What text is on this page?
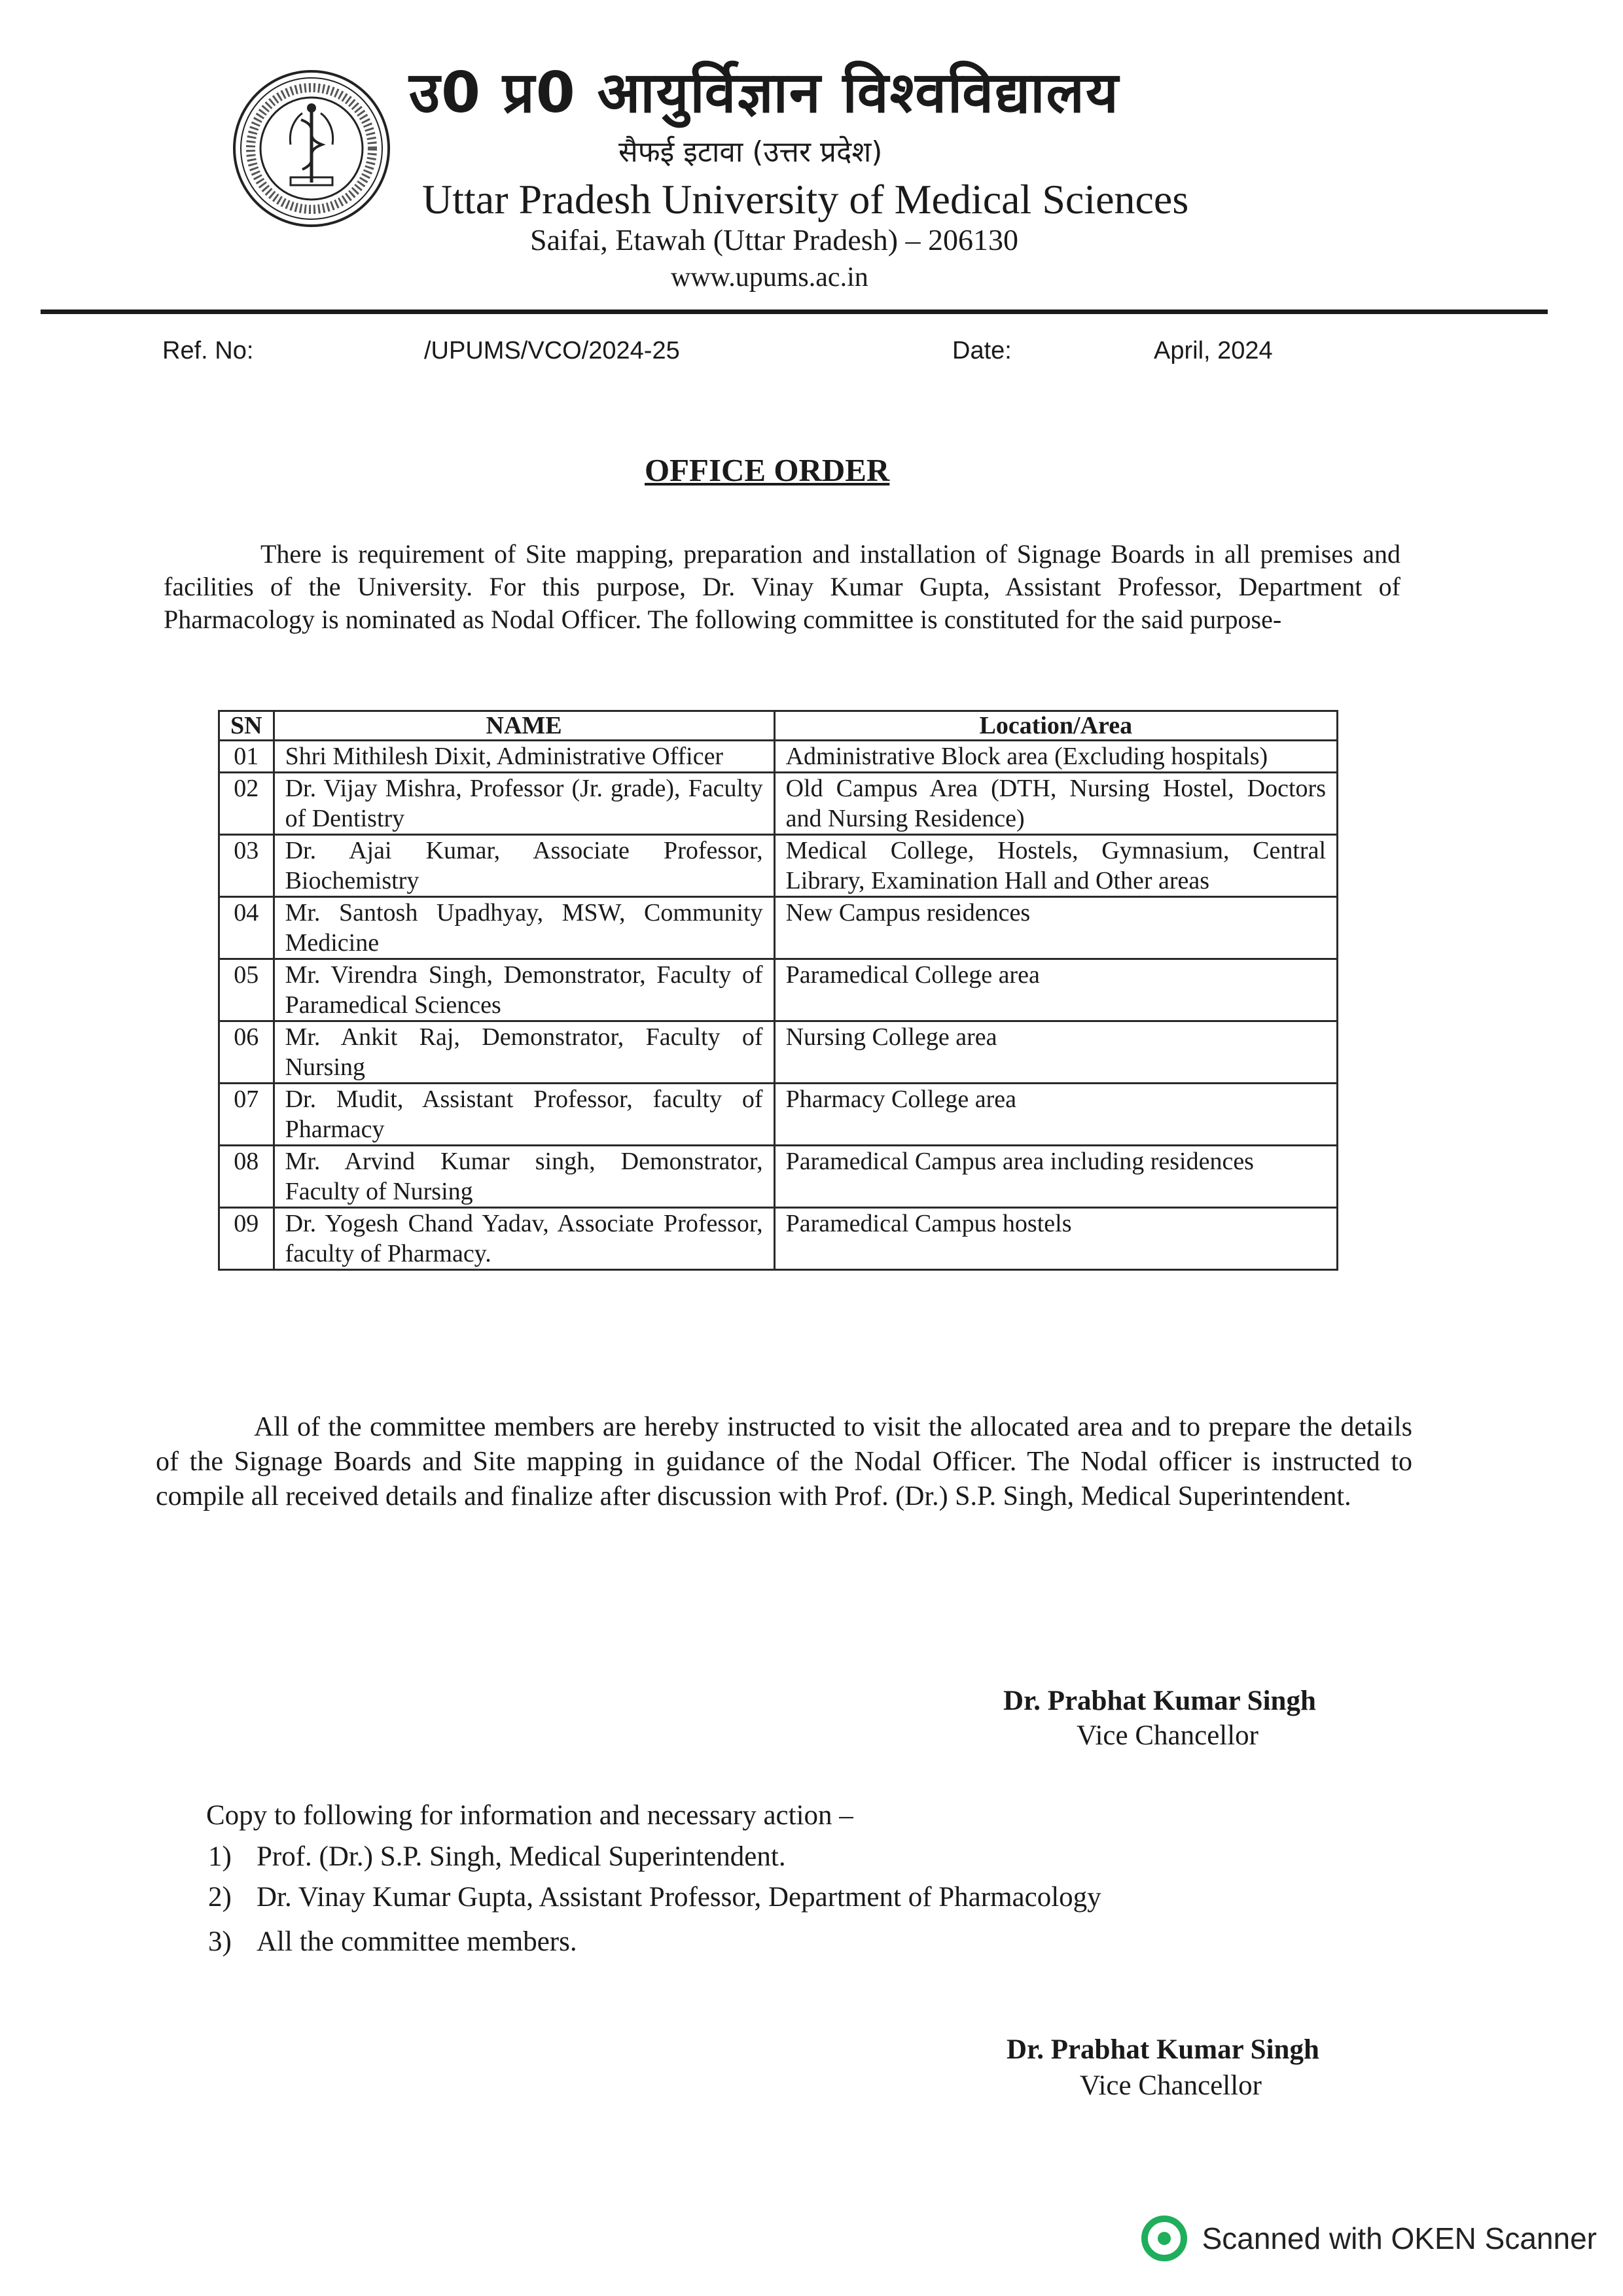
उ0 प्र0 आयुर्विज्ञान विश्वविद्यालय
सैफई इटावा (उत्तर प्रदेश)
Uttar Pradesh University of Medical Sciences
Saifai, Etawah (Uttar Pradesh) – 206130
www.upums.ac.in
Ref. No:	/UPUMS/VCO/2024-25	Date:	April, 2024
OFFICE ORDER

There is requirement of Site mapping, preparation and installation of Signage Boards in all premises and facilities of the University. For this purpose, Dr. Vinay Kumar Gupta, Assistant Professor, Department of Pharmacology is nominated as Nodal Officer. The following committee is constituted for the said purpose-

SN	NAME	Location/Area
01	Shri Mithilesh Dixit, Administrative Officer	Administrative Block area (Excluding hospitals)
02	Dr. Vijay Mishra, Professor (Jr. grade), Faculty of Dentistry	Old Campus Area (DTH, Nursing Hostel, Doctors and Nursing Residence)
03	Dr. Ajai Kumar, Associate Professor, Biochemistry	Medical College, Hostels, Gymnasium, Central Library, Examination Hall and Other areas
04	Mr. Santosh Upadhyay, MSW, Community Medicine	New Campus residences
05	Mr. Virendra Singh, Demonstrator, Faculty of Paramedical Sciences	Paramedical College area
06	Mr. Ankit Raj, Demonstrator, Faculty of Nursing	Nursing College area
07	Dr. Mudit, Assistant Professor, faculty of Pharmacy	Pharmacy College area
08	Mr. Arvind Kumar singh, Demonstrator, Faculty of Nursing	Paramedical Campus area including residences
09	Dr. Yogesh Chand Yadav, Associate Professor, faculty of Pharmacy.	Paramedical Campus hostels

All of the committee members are hereby instructed to visit the allocated area and to prepare the details of the Signage Boards and Site mapping in guidance of the Nodal Officer. The Nodal officer is instructed to compile all received details and finalize after discussion with Prof. (Dr.) S.P. Singh, Medical Superintendent.

Dr. Prabhat Kumar Singh
Vice Chancellor
Copy to following for information and necessary action –
1) Prof. (Dr.) S.P. Singh, Medical Superintendent.
2) Dr. Vinay Kumar Gupta, Assistant Professor, Department of Pharmacology
3) All the committee members.
Dr. Prabhat Kumar Singh
Vice Chancellor
Scanned with OKEN Scanner
